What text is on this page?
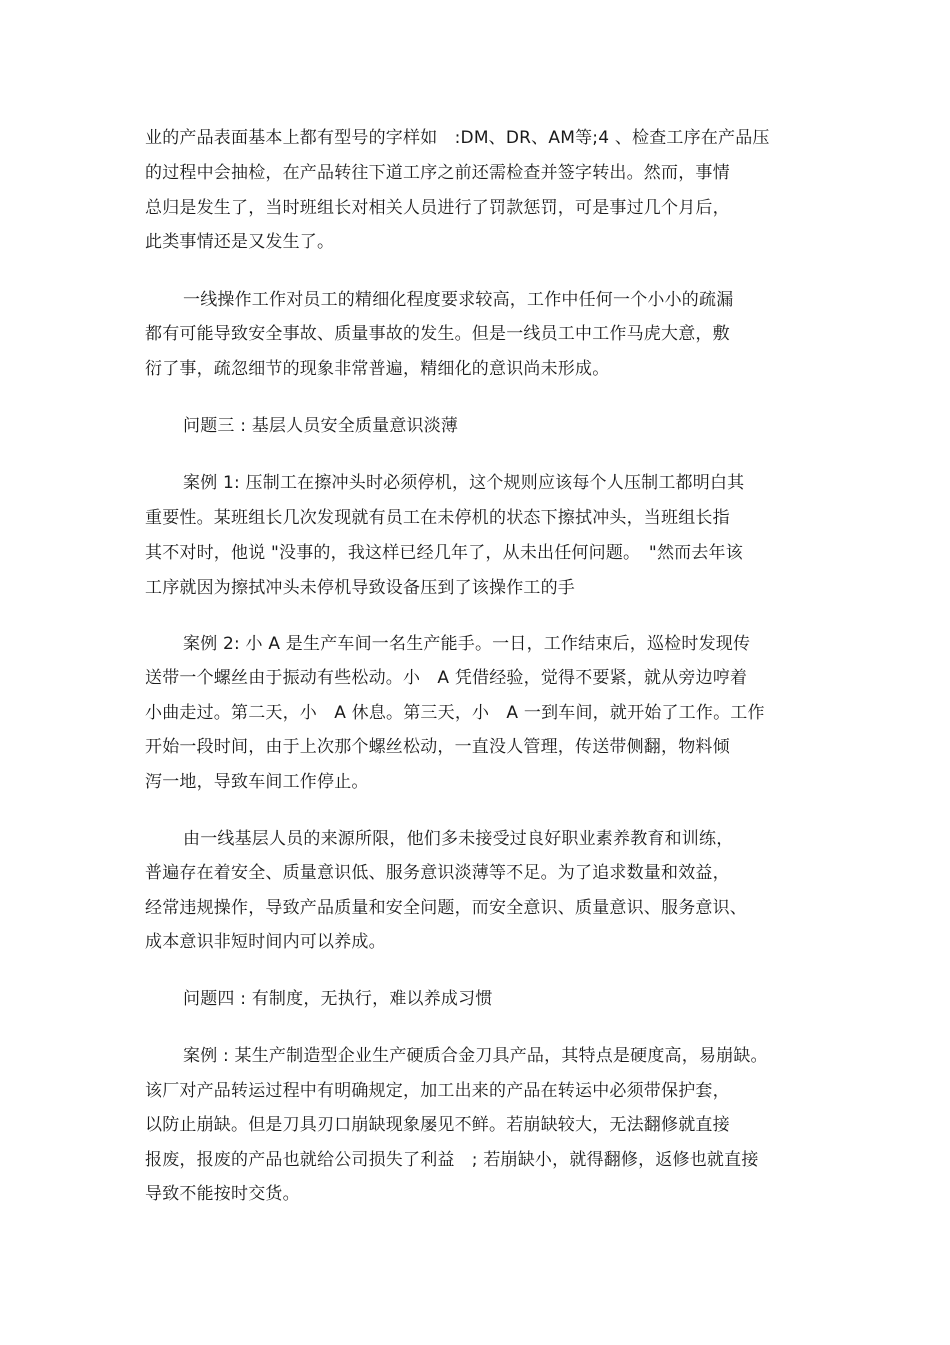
业的产品表面基本上都有型号的字样如　:DM、DR、AM等;4 、检查工序在产品压
的过程中会抽检，在产品转往下道工序之前还需检查并签字转出。然而，事情
总归是发生了，当时班组长对相关人员进行了罚款惩罚，可是事过几个月后，
此类事情还是又发生了。
一线操作工作对员工的精细化程度要求较高，工作中任何一个小小的疏漏
都有可能导致安全事故、质量事故的发生。但是一线员工中工作马虎大意，敷
衍了事，疏忽细节的现象非常普遍，精细化的意识尚未形成。
问题三 : 基层人员安全质量意识淡薄
案例 1: 压制工在擦冲头时必须停机，这个规则应该每个人压制工都明白其
重要性。某班组长几次发现就有员工在未停机的状态下擦拭冲头，当班组长指
其不对时，他说 "没事的，我这样已经几年了，从未出任何问题。　"然而去年该
工序就因为擦拭冲头未停机导致设备压到了该操作工的手
案例 2: 小 A 是生产车间一名生产能手。一日，工作结束后，巡检时发现传
送带一个螺丝由于振动有些松动。小　A 凭借经验，觉得不要紧，就从旁边哼着
小曲走过。第二天，小　A 休息。第三天，小　A 一到车间，就开始了工作。工作
开始一段时间，由于上次那个螺丝松动，一直没人管理，传送带侧翻，物料倾
泻一地，导致车间工作停止。
由一线基层人员的来源所限，他们多未接受过良好职业素养教育和训练，
普遍存在着安全、质量意识低、服务意识淡薄等不足。为了追求数量和效益，
经常违规操作，导致产品质量和安全问题，而安全意识、质量意识、服务意识、
成本意识非短时间内可以养成。
问题四 : 有制度，无执行，难以养成习惯
案例 : 某生产制造型企业生产硬质合金刀具产品，其特点是硬度高，易崩缺。
该厂对产品转运过程中有明确规定，加工出来的产品在转运中必须带保护套，
以防止崩缺。但是刀具刃口崩缺现象屡见不鲜。若崩缺较大，无法翻修就直接
报废，报废的产品也就给公司损失了利益　; 若崩缺小，就得翻修，返修也就直接
导致不能按时交货。
